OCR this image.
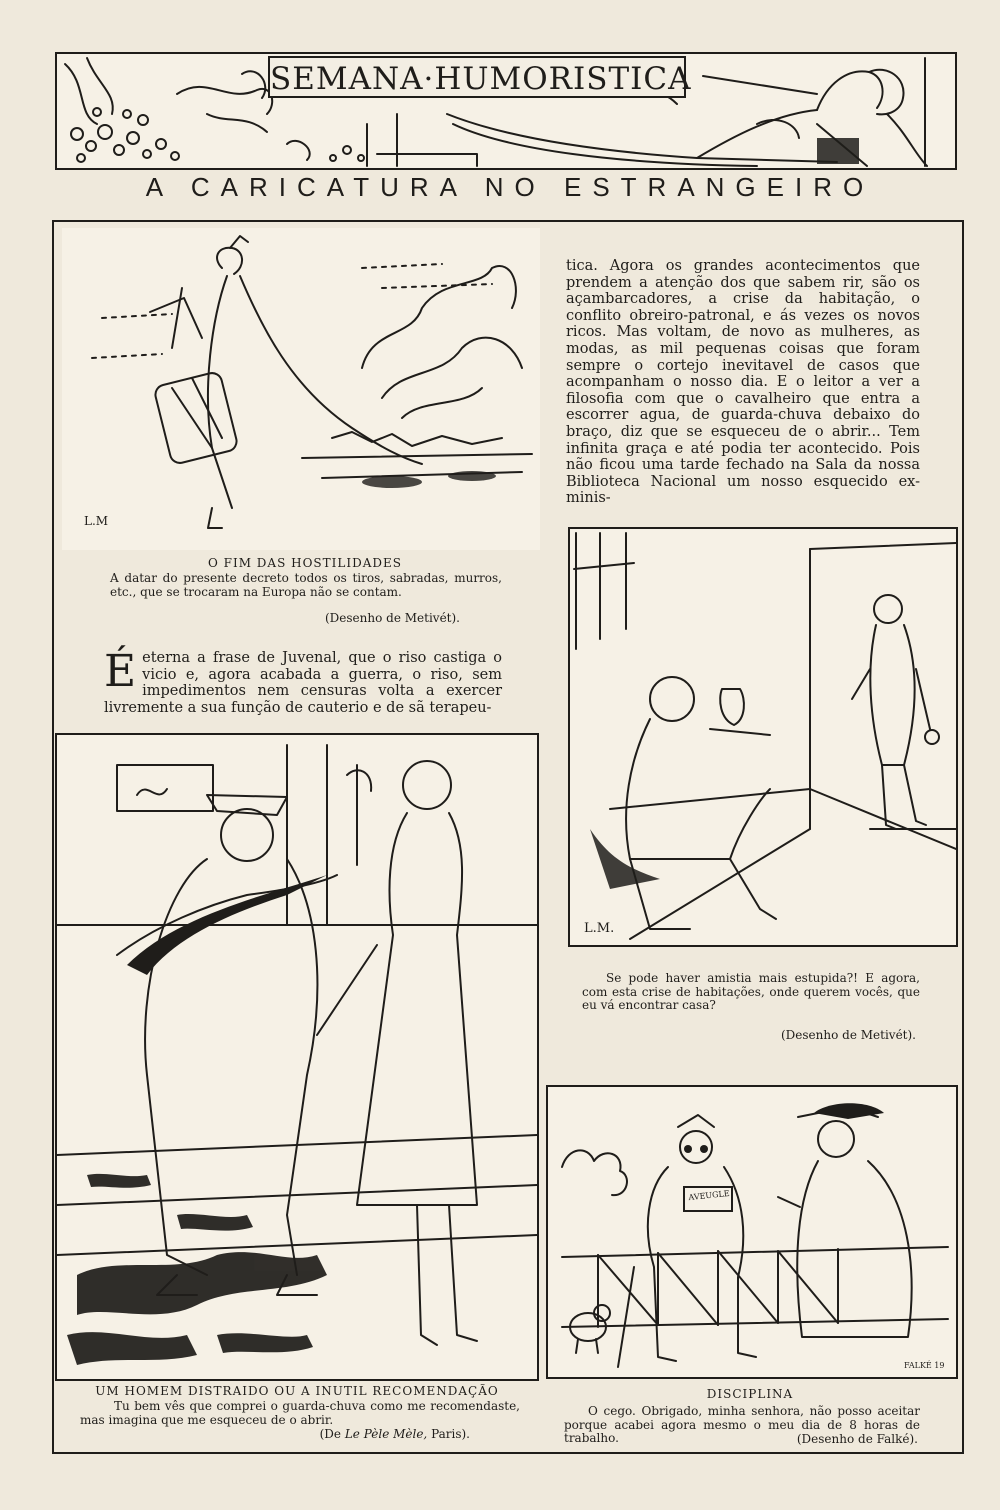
SEMANA·HUMORISTICA
A CARICATURA NO ESTRANGEIRO
L.M
O FIM DAS HOSTILIDADES
A datar do presente decreto todos os tiros, sabradas, murros, etc., que se trocaram na Europa não se contam.
(Desenho de Metivét).
É eterna a frase de Juvenal, que o riso castiga o vicio e, agora acabada a guerra, o riso, sem impedimentos nem censuras volta a exercer livremente a sua função de cauterio e de sã terapeu-
tica. Agora os grandes acontecimentos que prendem a atenção dos que sabem rir, são os açambarcadores, a crise da habitação, o conflito obreiro-patronal, e ás vezes os novos ricos. Mas voltam, de novo as mulheres, as modas, as mil pequenas coisas que foram sempre o cortejo inevitavel de casos que acompanham o nosso dia. E o leitor a ver a filosofia com que o cavalheiro que entra a escorrer agua, de guarda-chuva debaixo do braço, diz que se esqueceu de o abrir... Tem infinita graça e até podia ter acontecido. Pois não ficou uma tarde fechado na Sala da nossa Biblioteca Nacional um nosso esquecido ex-minis-
L.M.
Se pode haver amistia mais estupida?! E agora, com esta crise de habitações, onde querem vocês, que eu vá encontrar casa?
(Desenho de Metivét).
UM HOMEM DISTRAIDO OU A INUTIL RECOMENDAÇÃO
Tu bem vês que comprei o guarda-chuva como me recomendaste, mas imagina que me esqueceu de o abrir.
(De Le Pèle Mèle, Paris).
AVEUGLE
FALKÉ 19
DISCIPLINA
O cego. Obrigado, minha senhora, não posso aceitar porque acabei agora mesmo o meu dia de 8 horas de trabalho.	(Desenho de Falké).
